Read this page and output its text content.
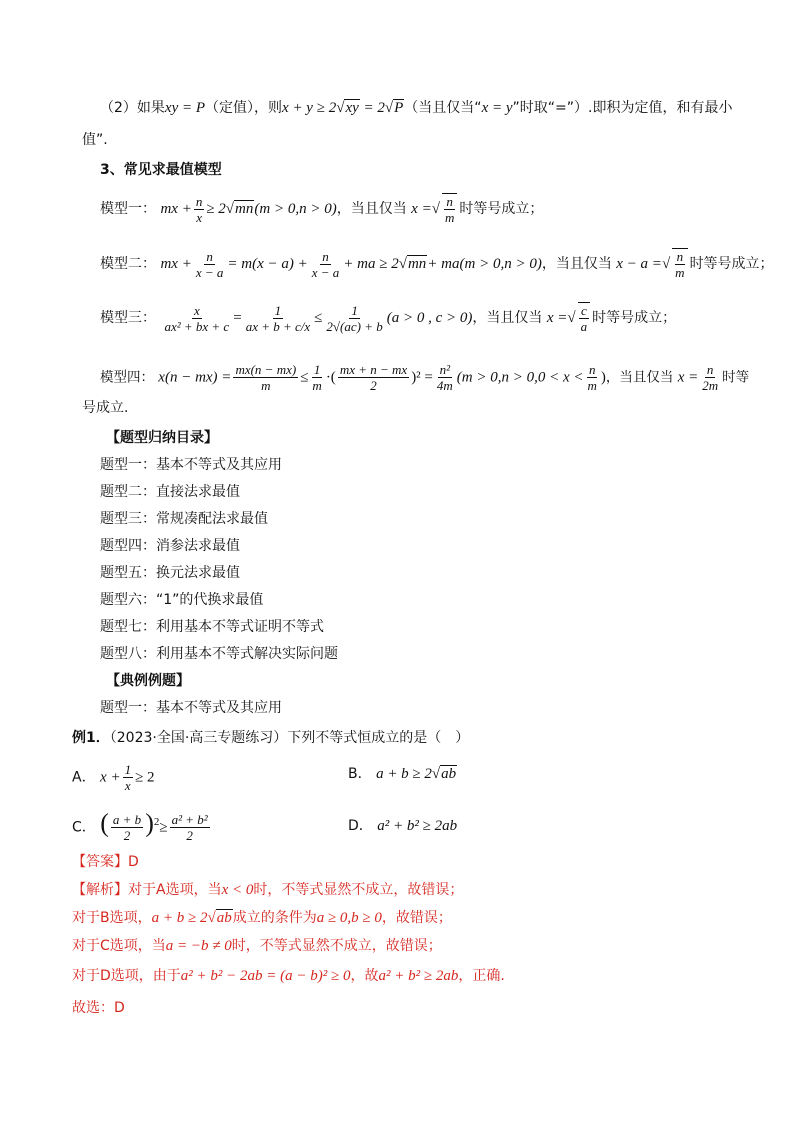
（2）如果xy = P（定值），则x + y ≥ 2√xy = 2√P（当且仅当“x = y”时取“=”）.即积为定值，和有最小
值”.
3、常见求最值模型
模型一： mx + $\frac{n}{x} \ge 2√mn(m > 0,n > 0)$，当且仅当 x =√ $\frac{n}{m}$ 时等号成立；
模型二： mx + $\frac{n}{x - a} = m(x - a) + \frac{n}{x - a}$ + ma ≥ 2√mn+ ma(m > 0,n > 0)，当且仅当 x − a =√ $\frac{n}{m}$ 时等号成立；
模型三： $\frac{x}{\text{ax² + bx + c}} = \frac{1}{ax + b + c/x} \le \frac{1}{2√(ac) + b} (a > 0$ , c > 0)，当且仅当 x =√ $\frac{c}{a}$ 时等号成立；
模型四： $x(n - mx) = \frac{mx(n - mx)}{m} \le \frac{1}{m}$ ·( $\frac{mx + n - mx}{2} )^2 = \frac{\text{n²}}{4m} (m > 0,n > 0,0 < x < \frac{n}{m}$ )，当且仅当 $x = \frac{n}{2m}$ 时等
号成立.
【题型归纳目录】
题型一：基本不等式及其应用
题型二：直接法求最值
题型三：常规凑配法求最值
题型四：消参法求最值
题型五：换元法求最值
题型六：“1”的代换求最值
题型七：利用基本不等式证明不等式
题型八：利用基本不等式解决实际问题
【典例例题】
题型一：基本不等式及其应用
例1．（2023·全国·高三专题练习）下列不等式恒成立的是（　）
A． $x + \frac{1}{x} \ge 2$	B． a + b ≥ 2√ab
C． ( $\frac{a + b}{2} )^2\ge \frac{\text{a² + b²}}{2}$	D． a² + b² ≥ 2ab
【答案】D
【解析】对于A选项，当x < 0时，不等式显然不成立，故错误；
对于B选项，a + b ≥ 2√ab成立的条件为a ≥ 0,b ≥ 0，故错误；
对于C选项，当a = −b ≠ 0时，不等式显然不成立，故错误；
对于D选项，由于a² + b² − 2ab = (a − b)² ≥ 0，故a² + b² ≥ 2ab，正确.
故选：D
